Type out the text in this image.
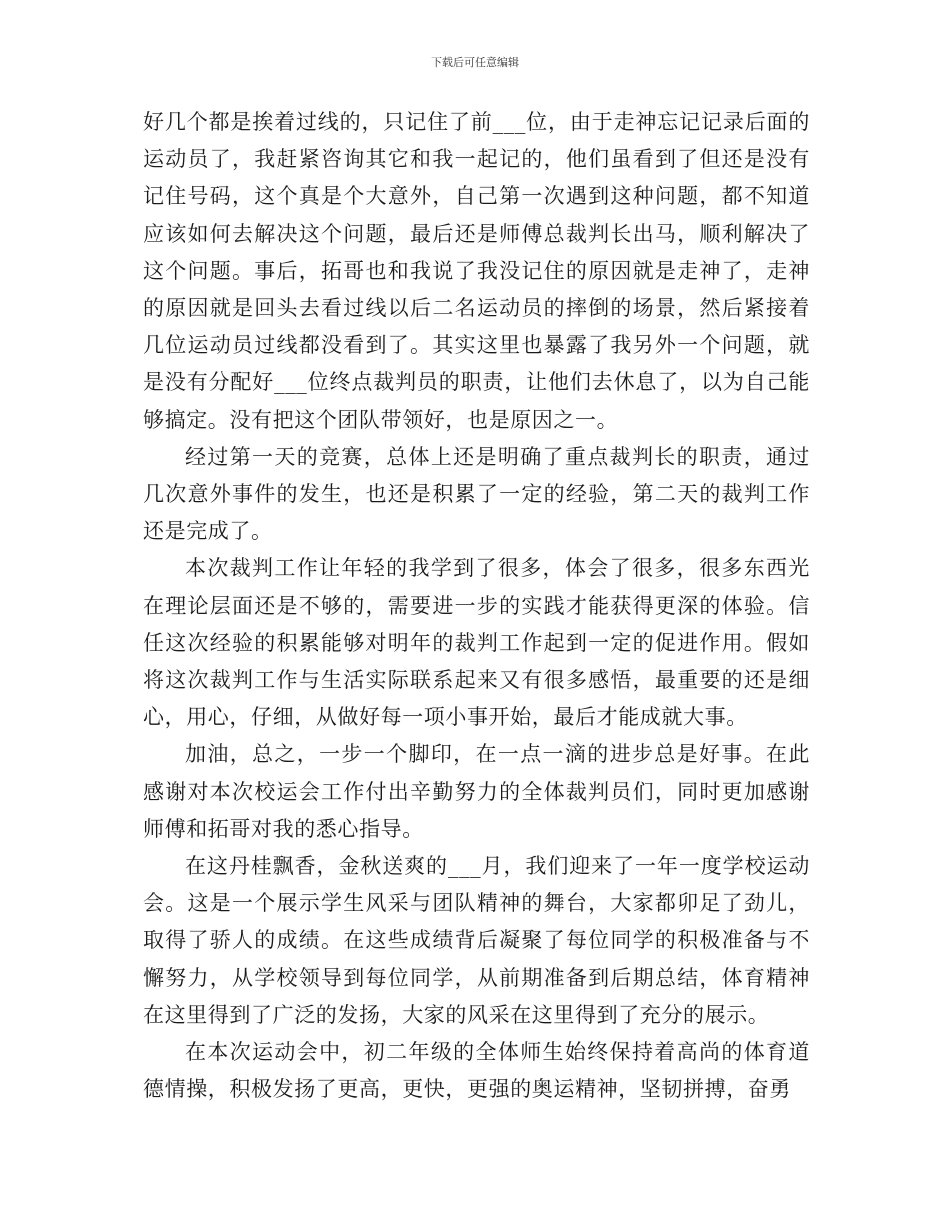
下载后可任意编辑

好几个都是挨着过线的，只记住了前___位，由于走神忘记记录后面的运动员了，我赶紧咨询其它和我一起记的，他们虽看到了但还是没有记住号码，这个真是个大意外，自己第一次遇到这种问题，都不知道应该如何去解决这个问题，最后还是师傅总裁判长出马，顺利解决了这个问题。事后，拓哥也和我说了我没记住的原因就是走神了，走神的原因就是回头去看过线以后二名运动员的摔倒的场景，然后紧接着几位运动员过线都没看到了。其实这里也暴露了我另外一个问题，就是没有分配好___位终点裁判员的职责，让他们去休息了，以为自己能够搞定。没有把这个团队带领好，也是原因之一。

经过第一天的竞赛，总体上还是明确了重点裁判长的职责，通过几次意外事件的发生，也还是积累了一定的经验，第二天的裁判工作还是完成了。

本次裁判工作让年轻的我学到了很多，体会了很多，很多东西光在理论层面还是不够的，需要进一步的实践才能获得更深的体验。信任这次经验的积累能够对明年的裁判工作起到一定的促进作用。假如将这次裁判工作与生活实际联系起来又有很多感悟，最重要的还是细心，用心，仔细，从做好每一项小事开始，最后才能成就大事。

加油，总之，一步一个脚印，在一点一滴的进步总是好事。在此感谢对本次校运会工作付出辛勤努力的全体裁判员们，同时更加感谢师傅和拓哥对我的悉心指导。

在这丹桂飘香，金秋送爽的___月，我们迎来了一年一度学校运动会。这是一个展示学生风采与团队精神的舞台，大家都卯足了劲儿，取得了骄人的成绩。在这些成绩背后凝聚了每位同学的积极准备与不懈努力，从学校领导到每位同学，从前期准备到后期总结，体育精神在这里得到了广泛的发扬，大家的风采在这里得到了充分的展示。

在本次运动会中，初二年级的全体师生始终保持着高尚的体育道德情操，积极发扬了更高，更快，更强的奥运精神，坚韧拼搏，奋勇
